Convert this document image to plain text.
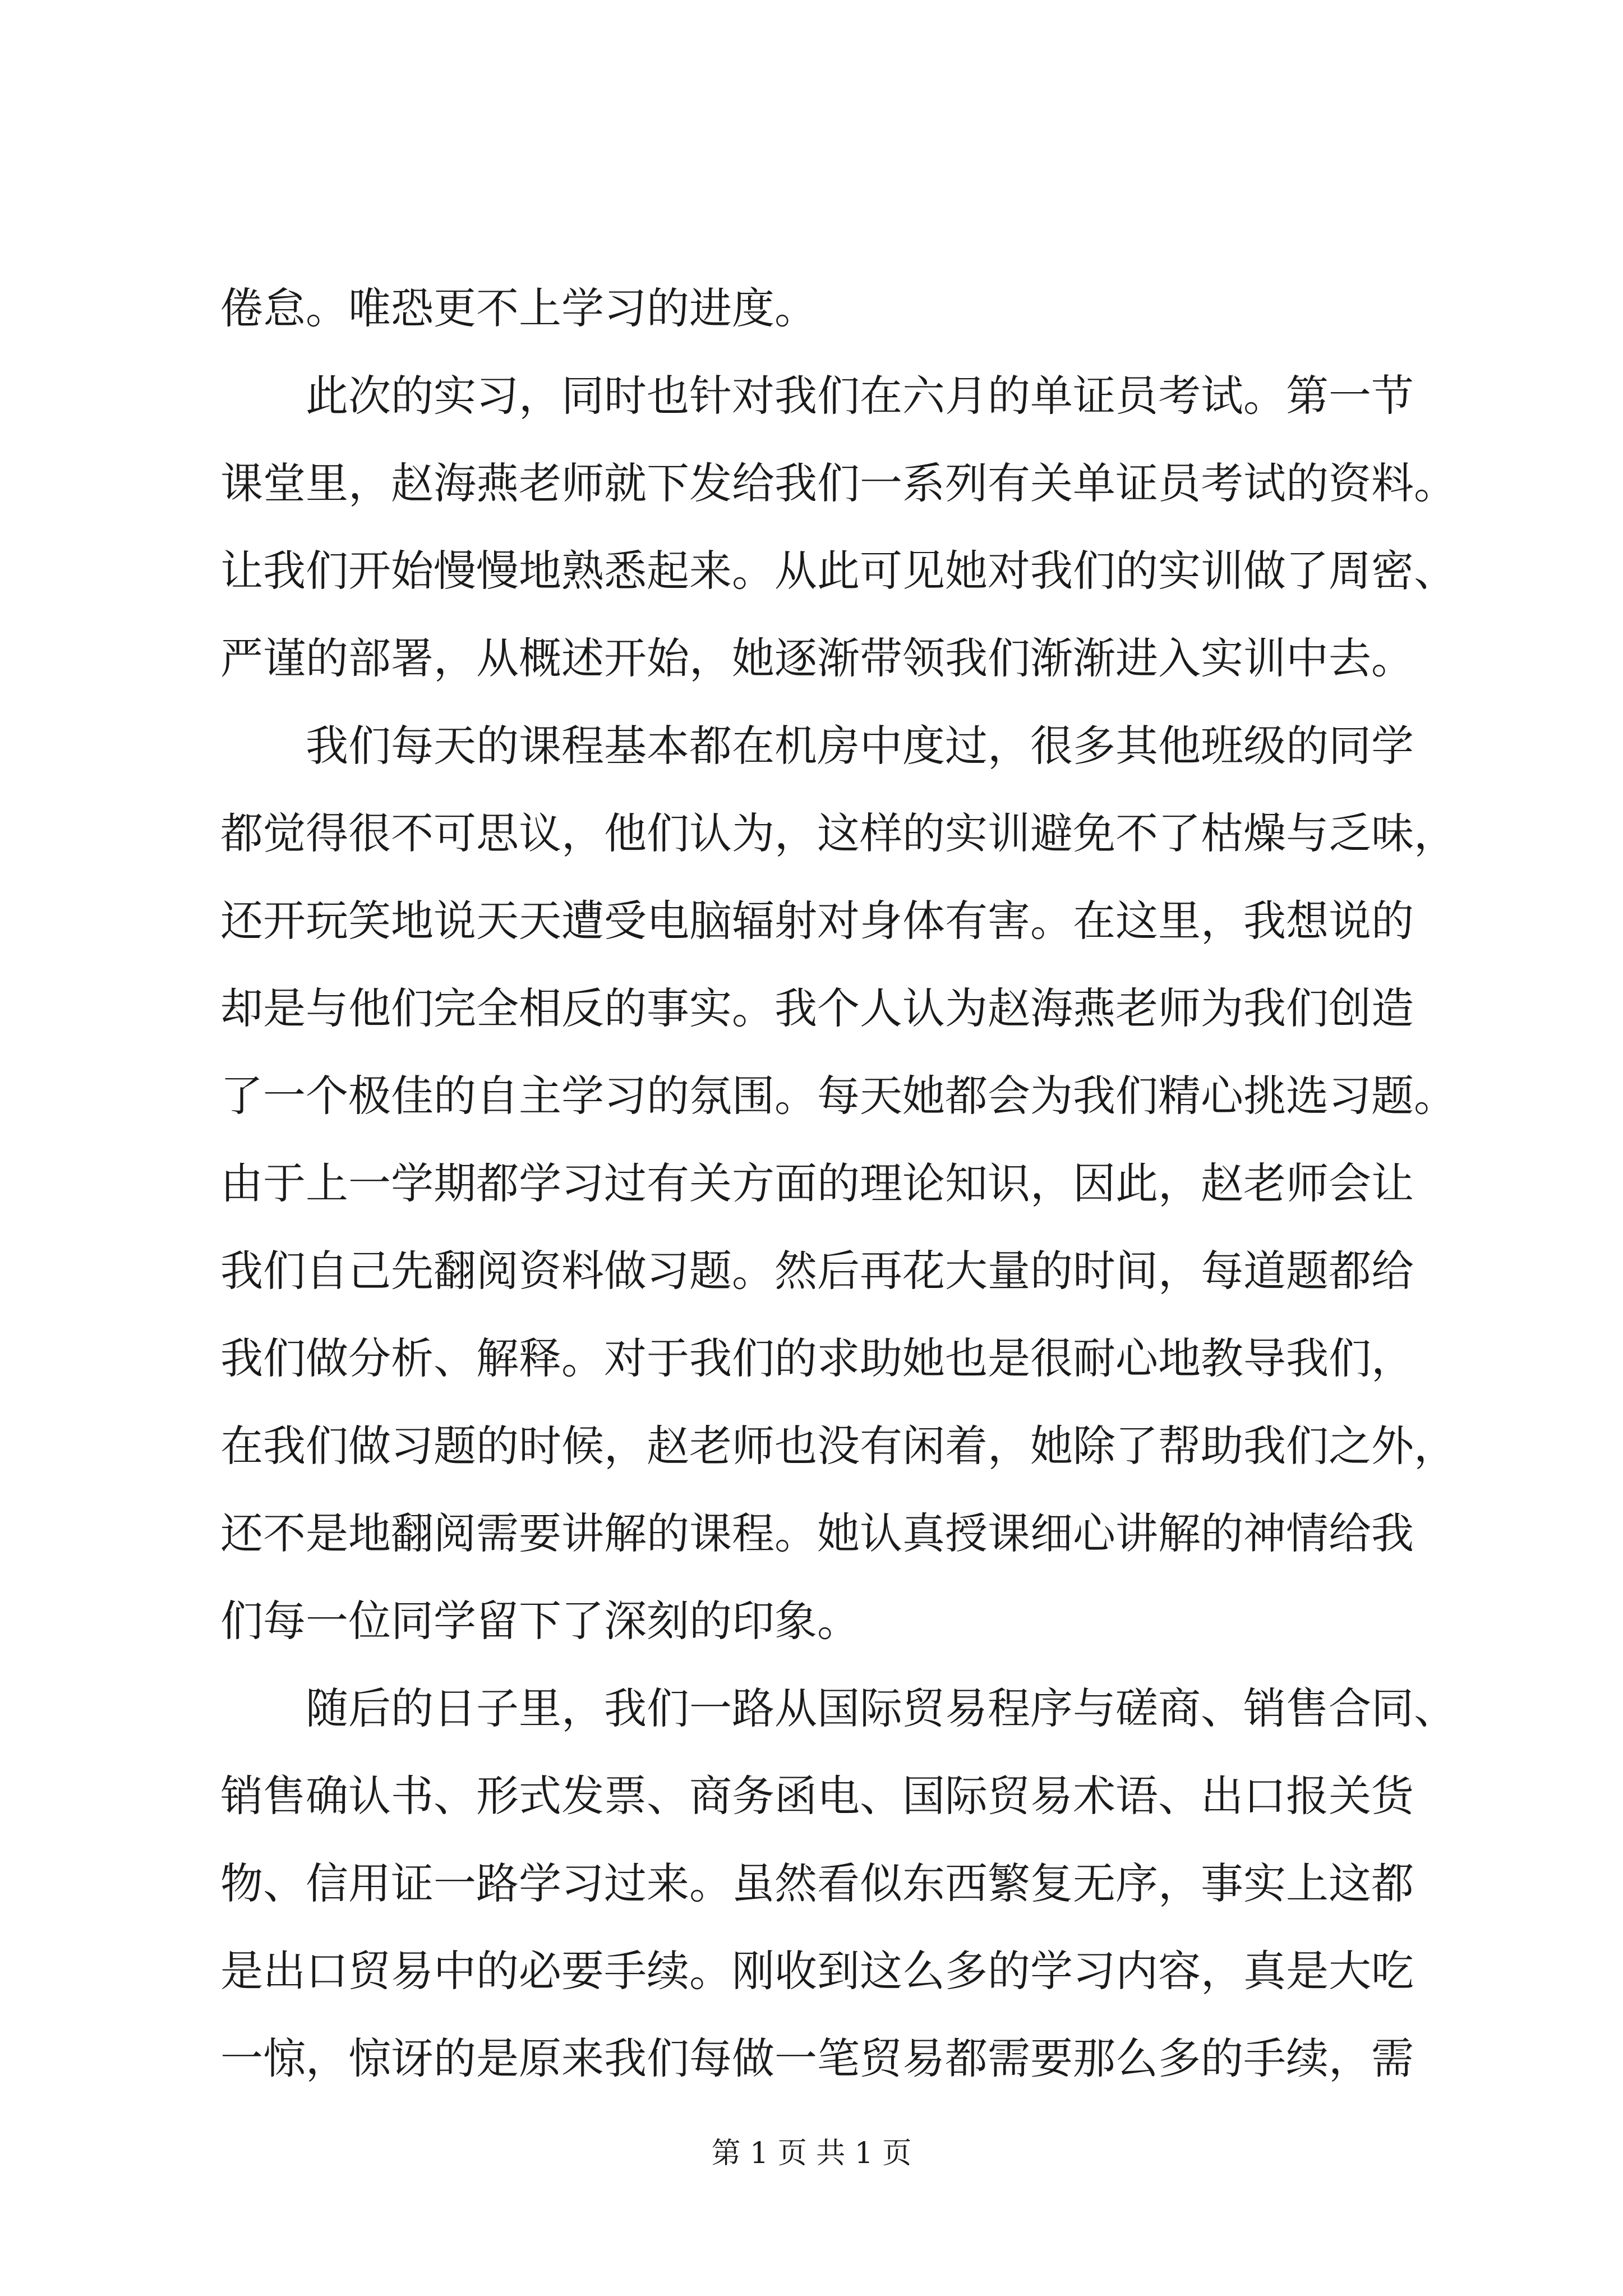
倦怠。唯恐更不上学习的进度。
　　此次的实习，同时也针对我们在六月的单证员考试。第一节
课堂里，赵海燕老师就下发给我们一系列有关单证员考试的资料。
让我们开始慢慢地熟悉起来。从此可见她对我们的实训做了周密、
严谨的部署，从概述开始，她逐渐带领我们渐渐进入实训中去。
　　我们每天的课程基本都在机房中度过，很多其他班级的同学
都觉得很不可思议，他们认为，这样的实训避免不了枯燥与乏味，
还开玩笑地说天天遭受电脑辐射对身体有害。在这里，我想说的
却是与他们完全相反的事实。我个人认为赵海燕老师为我们创造
了一个极佳的自主学习的氛围。每天她都会为我们精心挑选习题。
由于上一学期都学习过有关方面的理论知识，因此，赵老师会让
我们自己先翻阅资料做习题。然后再花大量的时间，每道题都给
我们做分析、解释。对于我们的求助她也是很耐心地教导我们，
在我们做习题的时候，赵老师也没有闲着，她除了帮助我们之外，
还不是地翻阅需要讲解的课程。她认真授课细心讲解的神情给我
们每一位同学留下了深刻的印象。
　　随后的日子里，我们一路从国际贸易程序与磋商、销售合同、
销售确认书、形式发票、商务函电、国际贸易术语、出口报关货
物、信用证一路学习过来。虽然看似东西繁复无序，事实上这都
是出口贸易中的必要手续。刚收到这么多的学习内容，真是大吃
一惊，惊讶的是原来我们每做一笔贸易都需要那么多的手续，需
第 1 页 共 1 页
